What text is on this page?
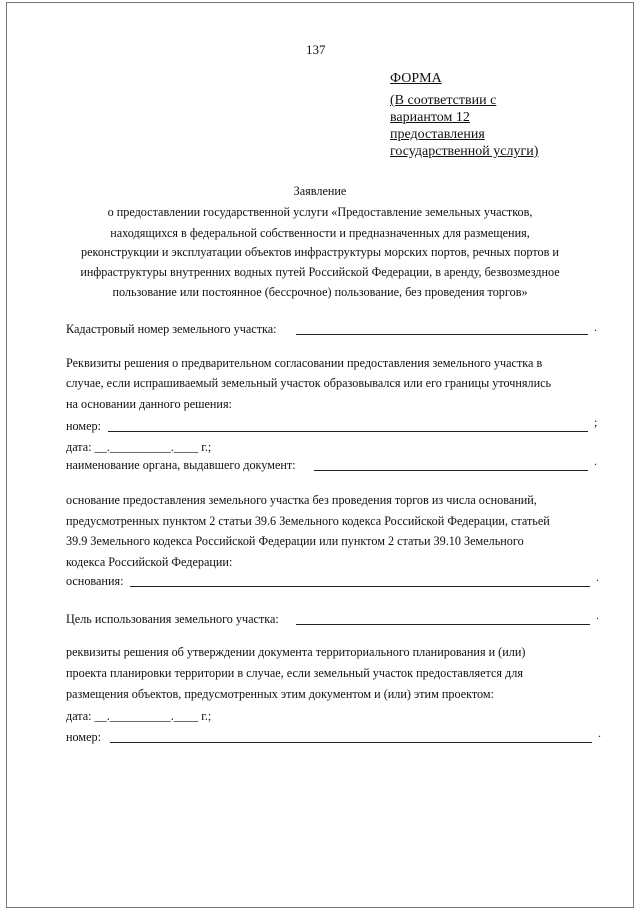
137
ФОРМА
(В соответствии с
вариантом 12
предоставления
государственной услуги)
Заявление
о предоставлении государственной услуги «Предоставление земельных участков,
находящихся в федеральной собственности и предназначенных для размещения,
реконструкции и эксплуатации объектов инфраструктуры морских портов, речных портов и
инфраструктуры внутренних водных путей Российской Федерации, в аренду, безвозмездное
пользование или постоянное (бессрочное) пользование, без проведения торгов»
Кадастровый номер земельного участка:	.
Реквизиты решения о предварительном согласовании предоставления земельного участка в
случае, если испрашиваемый земельный участок образовывался или его границы уточнялись
на основании данного решения:
номер:	;
дата: __.__________.____ г.;
наименование органа, выдавшего документ:	.
основание предоставления земельного участка без проведения торгов из числа оснований,
предусмотренных пунктом 2 статьи 39.6 Земельного кодекса Российской Федерации, статьей
39.9 Земельного кодекса Российской Федерации или пунктом 2 статьи 39.10 Земельного
кодекса Российской Федерации:
основания:	.
Цель использования земельного участка:	.
реквизиты решения об утверждении документа территориального планирования и (или)
проекта планировки территории в случае, если земельный участок предоставляется для
размещения объектов, предусмотренных этим документом и (или) этим проектом:
дата: __.__________.____ г.;
номер:	.
